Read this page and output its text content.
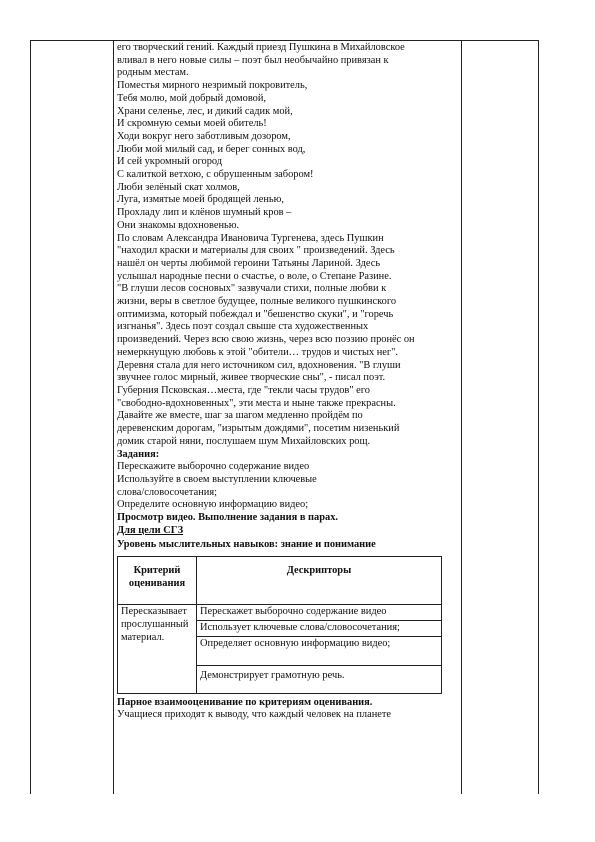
его творческий гений. Каждый приезд Пушкина в Михайловское

вливал в него новые силы – поэт был необычайно привязан к

родным местам.

Поместья мирного незримый покровитель,

Тебя молю, мой добрый домовой,

Храни селенье, лес, и дикий садик мой,

И скромную семьи моей обитель!

Ходи вокруг него заботливым дозором,

Люби мой милый сад, и берег сонных вод,

И сей укромный огород

С калиткой ветхою, с обрушенным забором!

Люби зелёный скат холмов,

Луга, измятые моей бродящей ленью,

Прохладу лип и клёнов шумный кров –

Они знакомы вдохновенью.

По словам Александра Ивановича Тургенева, здесь Пушкин

"находил краски и материалы для своих " произведений. Здесь

нашёл он черты любимой героини Татьяны Лариной. Здесь

услышал народные песни о счастье, о воле, о Степане Разине.

"В глуши лесов сосновых" зазвучали стихи, полные любви к

жизни, веры в светлое будущее, полные великого пушкинского

оптимизма, который побеждал и "бешенство скуки", и "горечь

изгнанья". Здесь поэт создал свыше ста художественных

произведений. Через всю свою жизнь, через всю поэзию пронёс он

немеркнущую любовь к этой "обители… трудов и чистых нег".

Деревня стала для него источником сил, вдохновения. "В глуши

звучнее голос мирный, живее творческие сны", - писал поэт.

Губерния Псковская…места, где "текли часы трудов" его

"свободно-вдохновенных", эти места и ныне также прекрасны.

Давайте же вместе, шаг за шагом медленно пройдём по

деревенским дорогам, "изрытым дождями", посетим низенький

домик старой няни, послушаем шум Михайловских рощ.

Задания:

Перескажите выборочно содержание видео

Используйте в своем выступлении ключевые

слова/словосочетания;

Определите основную информацию видео;

Просмотр видео. Выполнение задания в парах.

Для цели СГЗ

Уровень мыслительных навыков: знание и понимание

Критерий оценивания	Дескрипторы
Пересказывает прослушанный материал.	Перескажет выборочно содержание видео
	Использует ключевые слова/словосочетания;
	Определяет основную информацию видео;
	Демонстрирует грамотную речь.

Парное взаимооценивание по критериям оценивания.

Учащиеся приходят к выводу, что каждый человек на планете
